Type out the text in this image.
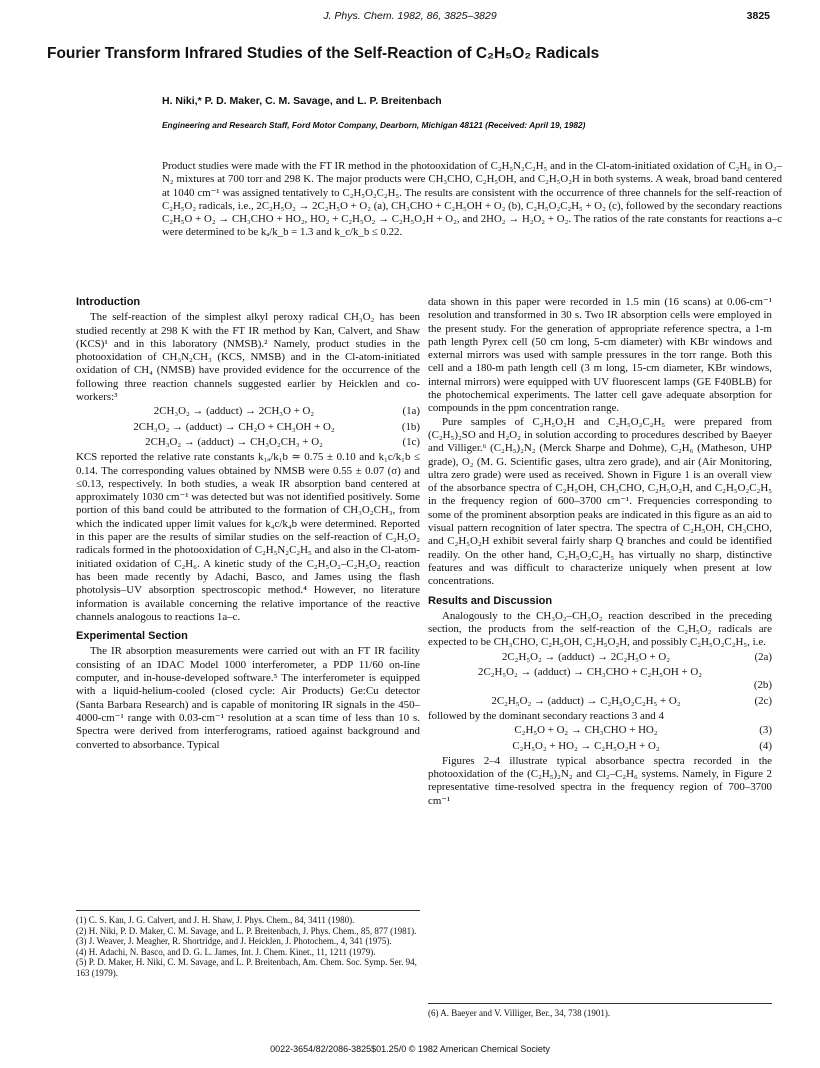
J. Phys. Chem. 1982, 86, 3825–3829	3825
Fourier Transform Infrared Studies of the Self-Reaction of C₂H₅O₂ Radicals
H. Niki,* P. D. Maker, C. M. Savage, and L. P. Breitenbach
Engineering and Research Staff, Ford Motor Company, Dearborn, Michigan 48121 (Received: April 19, 1982)
Product studies were made with the FT IR method in the photooxidation of C₂H₅N₂C₂H₅ and in the Cl-atom-initiated oxidation of C₂H₆ in O₂–N₂ mixtures at 700 torr and 298 K. The major products were CH₃CHO, C₂H₅OH, and C₂H₅O₂H in both systems. A weak, broad band centered at 1040 cm⁻¹ was assigned tentatively to C₂H₅O₂C₂H₅. The results are consistent with the occurrence of three channels for the self-reaction of C₂H₅O₂ radicals, i.e., 2C₂H₅O₂ → 2C₂H₅O + O₂ (a), CH₃CHO + C₂H₅OH + O₂ (b), C₂H₅O₂C₂H₅ + O₂ (c), followed by the secondary reactions C₂H₅O + O₂ → CH₃CHO + HO₂, HO₂ + C₂H₅O₂ → C₂H₅O₂H + O₂, and 2HO₂ → H₂O₂ + O₂. The ratios of the rate constants for reactions a–c were determined to be kₐ/k_b = 1.3 and k_c/k_b ≤ 0.22.
Introduction

The self-reaction of the simplest alkyl peroxy radical CH₃O₂ has been studied recently at 298 K with the FT IR method by Kan, Calvert, and Shaw (KCS)¹ and in this laboratory (NMSB).² Namely, product studies in the photooxidation of CH₃N₂CH₃ (KCS, NMSB) and in the Cl-atom-initiated oxidation of CH₄ (NMSB) have provided evidence for the occurrence of the following three reaction channels suggested earlier by Heicklen and co-workers:³

2CH₃O₂ → (adduct) → 2CH₃O + O₂	(1a)
2CH₃O₂ → (adduct) → CH₂O + CH₃OH + O₂	(1b)
2CH₃O₂ → (adduct) → CH₃O₂CH₃ + O₂	(1c)

KCS reported the relative rate constants k₁ₐ/k₁b ≃ 0.75 ± 0.10 and k₁c/k₁b ≤ 0.14. The corresponding values obtained by NMSB were 0.55 ± 0.07 (σ) and ≤0.13, respectively. In both studies, a weak IR absorption band centered at approximately 1030 cm⁻¹ was detected but was not identified positively. Some portion of this band could be attributed to the formation of CH₃O₂CH₃, from which the indicated upper limit values for k₄c/k₄b were determined. Reported in this paper are the results of similar studies on the self-reaction of C₂H₅O₂ radicals formed in the photooxidation of C₂H₅N₂C₂H₅ and also in the Cl-atom-initiated oxidation of C₂H₆. A kinetic study of the C₂H₅O₂–C₂H₅O₂ reaction has been made recently by Adachi, Basco, and James using the flash photolysis–UV absorption spectroscopic method.⁴ However, no literature information is available concerning the relative importance of the reactive channels analogous to reactions 1a–c.

Experimental Section

The IR absorption measurements were carried out with an FT IR facility consisting of an IDAC Model 1000 interferometer, a PDP 11/60 on-line computer, and in-house-developed software.⁵ The interferometer is equipped with a liquid-helium-cooled (closed cycle: Air Products) Ge:Cu detector (Santa Barbara Research) and is capable of monitoring IR signals in the 450–4000-cm⁻¹ range with 0.03-cm⁻¹ resolution at a scan time of less than 10 s. Spectra were derived from interferograms, ratioed against background and converted to absorbance. Typical

(1) C. S. Kan, J. G. Calvert, and J. H. Shaw, J. Phys. Chem., 84, 3411 (1980).
(2) H. Niki, P. D. Maker, C. M. Savage, and L. P. Breitenbach, J. Phys. Chem., 85, 877 (1981).
(3) J. Weaver, J. Meagher, R. Shortridge, and J. Heicklen, J. Photochem., 4, 341 (1975).
(4) H. Adachi, N. Basco, and D. G. L. James, Int. J. Chem. Kinet., 11, 1211 (1979).
(5) P. D. Maker, H. Niki, C. M. Savage, and L. P. Breitenbach, Am. Chem. Soc. Symp. Ser. 94, 163 (1979).

data shown in this paper were recorded in 1.5 min (16 scans) at 0.06-cm⁻¹ resolution and transformed in 30 s. Two IR absorption cells were employed in the present study. For the generation of appropriate reference spectra, a 1-m path length Pyrex cell (50 cm long, 5-cm diameter) with KBr windows and external mirrors was used with sample pressures in the torr range. Both this cell and a 180-m path length cell (3 m long, 15-cm diameter, KBr windows, internal mirrors) were equipped with UV fluorescent lamps (GE F40BLB) for the photochemical experiments. The latter cell gave adequate absorption for compounds in the ppm concentration range.

Pure samples of C₂H₅O₂H and C₂H₅O₂C₂H₅ were prepared from (C₂H₅)₂SO and H₂O₂ in solution according to procedures described by Baeyer and Villiger.⁶ (C₂H₅)₂N₂ (Merck Sharpe and Dohme), C₂H₆ (Matheson, UHP grade), O₂ (M. G. Scientific gases, ultra zero grade), and air (Air Monitoring, ultra zero grade) were used as received. Shown in Figure 1 is an overall view of the absorbance spectra of C₂H₅OH, CH₃CHO, C₂H₅O₂H, and C₂H₅O₂C₂H₅ in the frequency region of 600–3700 cm⁻¹. Frequencies corresponding to some of the prominent absorption peaks are indicated in this figure as an aid to visual pattern recognition of later spectra. The spectra of C₂H₅OH, CH₃CHO, and C₂H₅O₂H exhibit several fairly sharp Q branches and could be identified readily. On the other hand, C₂H₅O₂C₂H₅ has virtually no sharp, distinctive features and was difficult to characterize uniquely when present at low concentrations.

Results and Discussion

Analogously to the CH₃O₂–CH₃O₂ reaction described in the preceding section, the products from the self-reaction of the C₂H₅O₂ radicals are expected to be CH₃CHO, C₂H₅OH, C₂H₅O₂H, and possibly C₂H₅O₂C₂H₅, i.e.

2C₂H₅O₂ → (adduct) → 2C₂H₅O + O₂	(2a)
2C₂H₅O₂ → (adduct) → CH₃CHO + C₂H₅OH + O₂
(2b)
2C₂H₅O₂ → (adduct) → C₂H₅O₂C₂H₅ + O₂	(2c)

followed by the dominant secondary reactions 3 and 4

C₂H₅O + O₂ → CH₃CHO + HO₂	(3)
C₂H₅O₂ + HO₂ → C₂H₅O₂H + O₂	(4)

Figures 2–4 illustrate typical absorbance spectra recorded in the photooxidation of the (C₂H₅)₂N₂ and Cl₂–C₂H₆ systems. Namely, in Figure 2 representative time-resolved spectra in the frequency region of 700–3700 cm⁻¹

(6) A. Baeyer and V. Villiger, Ber., 34, 738 (1901).
0022-3654/82/2086-3825$01.25/0 © 1982 American Chemical Society
